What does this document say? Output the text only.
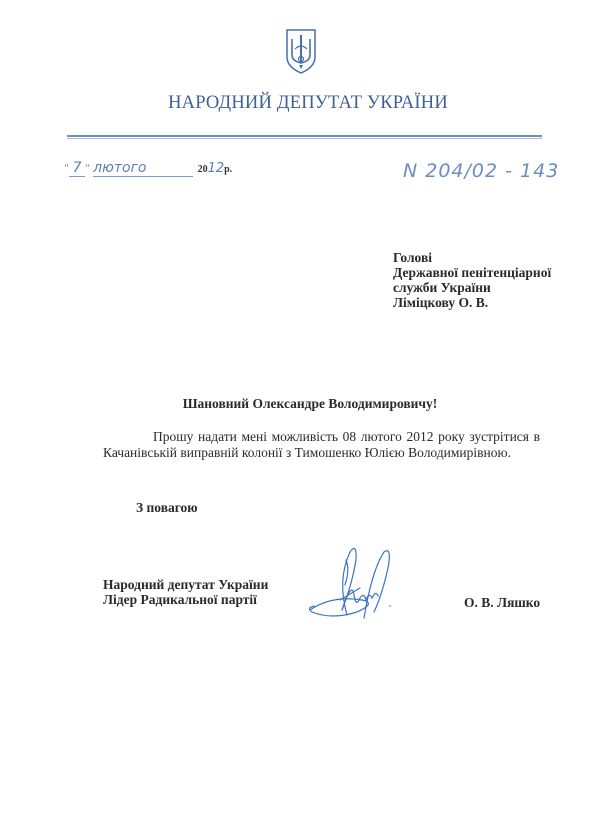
НАРОДНИЙ ДЕПУТАТ УКРАЇНИ
" 7 " лютого	2012р.	N 204/02 - 143
Голові
Державної пенітенціарної
служби України
Ліміцкову О. В.
Шановний Олександре Володимировичу!

Прошу надати мені можливість 08 лютого 2012 року зустрітися в Качанівській виправній колонії з Тимошенко Юлією Володимирівною.

З повагою
Народний депутат України
Лідер Радикальної партії	О. В. Ляшко
